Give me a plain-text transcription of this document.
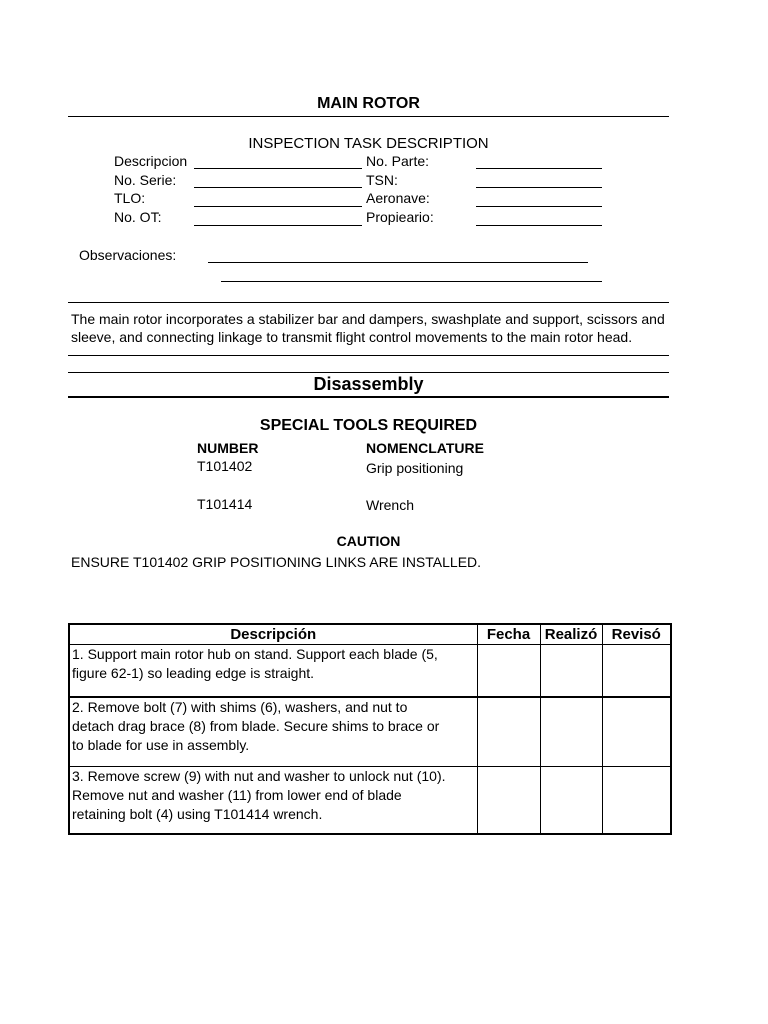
MAIN ROTOR
INSPECTION TASK DESCRIPTION
Descripcion	No. Parte:
No. Serie:	TSN:
TLO:	Aeronave:
No. OT:	Propieario:
Observaciones:
The main rotor incorporates a stabilizer bar and dampers, swashplate and support, scissors and
sleeve, and connecting linkage to transmit flight control movements to the main rotor head.
Disassembly
SPECIAL TOOLS REQUIRED
NUMBER	NOMENCLATURE
T101402	Grip positioning
T101414	Wrench
CAUTION
ENSURE T101402 GRIP POSITIONING LINKS ARE INSTALLED.
Descripción	Fecha	Realizó	Revisó

1. Support main rotor hub on stand. Support each blade (5,
figure 62-1) so leading edge is straight.			

2. Remove bolt (7) with shims (6), washers, and nut to
detach drag brace (8) from blade. Secure shims to brace or
to blade for use in assembly.			

3. Remove screw (9) with nut and washer to unlock nut (10).
Remove nut and washer (11) from lower end of blade
retaining bolt (4) using T101414 wrench.			
